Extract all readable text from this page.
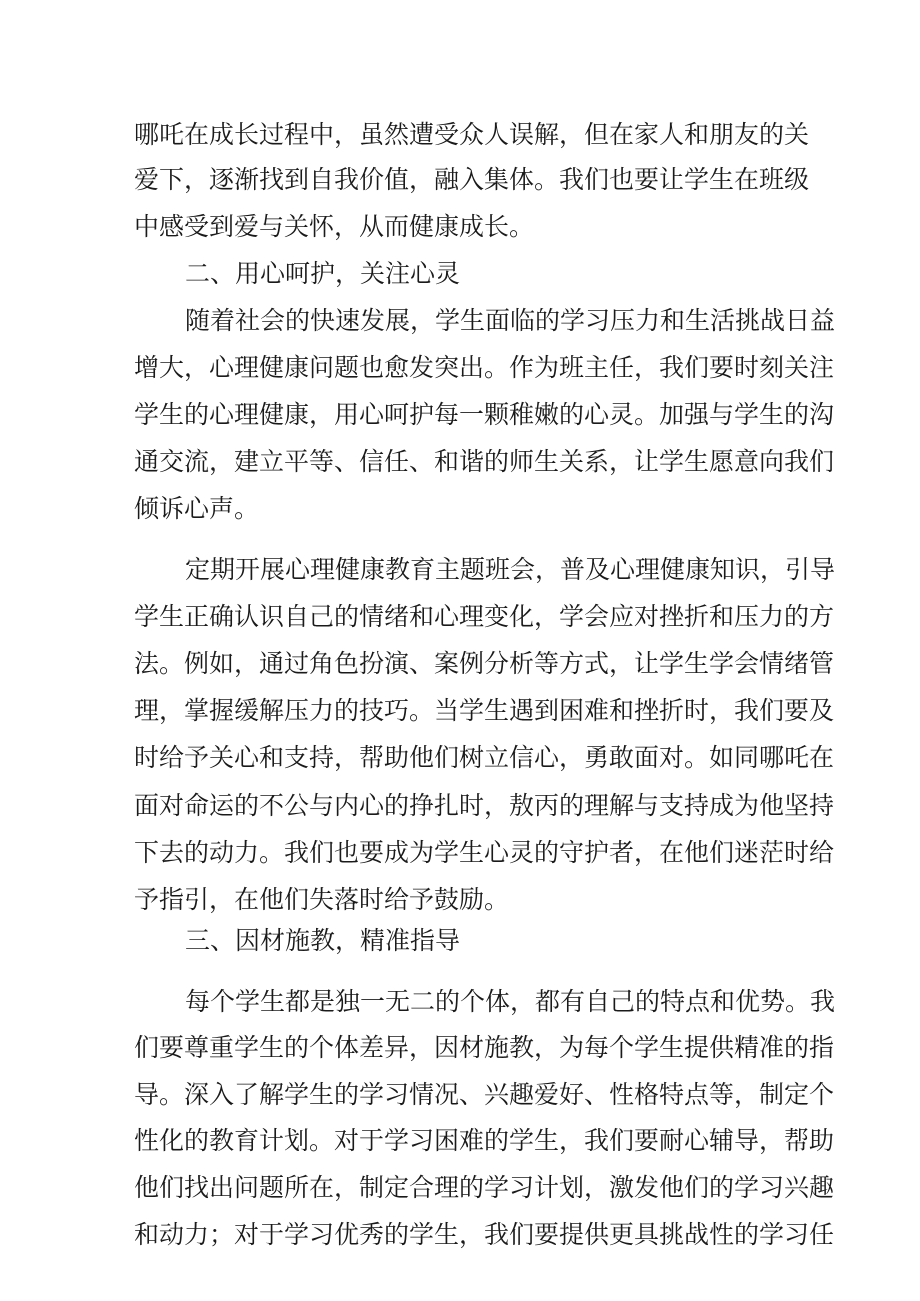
哪吒在成长过程中，虽然遭受众人误解，但在家人和朋友的关
爱下，逐渐找到自我价值，融入集体。我们也要让学生在班级
中感受到爱与关怀，从而健康成长。
二、用心呵护，关注心灵
随着社会的快速发展，学生面临的学习压力和生活挑战日益
增大，心理健康问题也愈发突出。作为班主任，我们要时刻关注
学生的心理健康，用心呵护每一颗稚嫩的心灵。加强与学生的沟
通交流，建立平等、信任、和谐的师生关系，让学生愿意向我们
倾诉心声。
定期开展心理健康教育主题班会，普及心理健康知识，引导
学生正确认识自己的情绪和心理变化，学会应对挫折和压力的方
法。例如，通过角色扮演、案例分析等方式，让学生学会情绪管
理，掌握缓解压力的技巧。当学生遇到困难和挫折时，我们要及
时给予关心和支持，帮助他们树立信心，勇敢面对。如同哪吒在
面对命运的不公与内心的挣扎时，敖丙的理解与支持成为他坚持
下去的动力。我们也要成为学生心灵的守护者，在他们迷茫时给
予指引，在他们失落时给予鼓励。
三、因材施教，精准指导
每个学生都是独一无二的个体，都有自己的特点和优势。我
们要尊重学生的个体差异，因材施教，为每个学生提供精准的指
导。深入了解学生的学习情况、兴趣爱好、性格特点等，制定个
性化的教育计划。对于学习困难的学生，我们要耐心辅导，帮助
他们找出问题所在，制定合理的学习计划，激发他们的学习兴趣
和动力；对于学习优秀的学生，我们要提供更具挑战性的学习任
